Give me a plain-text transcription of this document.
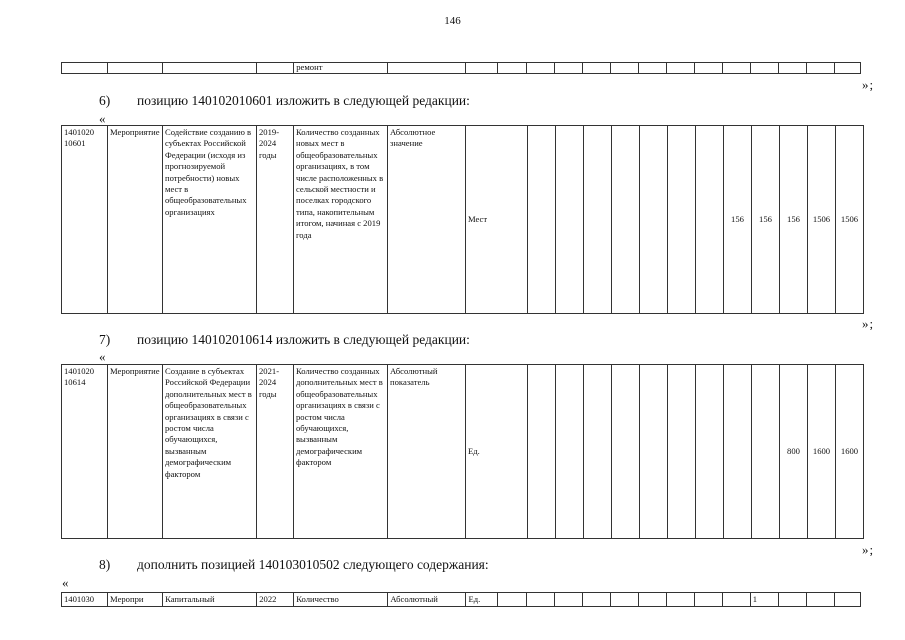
146
				ремонт															
»;
6) позицию 140102010601 изложить в следующей редакции:
«
1401020 10601	Мероприятие	Содействие созданию в субъектах Российской Федерации (исходя из прогнозируемой потребности) новых мест в общеобразовательных организациях	2019-2024 годы	Количество созданных новых мест в общеобразовательных организациях, в том числе расположенных в сельской местности и поселках городского типа, накопительным итогом, начиная с 2019 года	Абсолютное значение	Мест								156	156	156	1506	1506	
»;
7) позицию 140102010614 изложить в следующей редакции:
«
1401020 10614	Мероприятие	Создание в субъектах Российской Федерации дополнительных мест в общеобразовательных организациях в связи с ростом числа обучающихся, вызванным демографическим фактором	2021-2024 годы	Количество созданных дополнительных мест в общеобразовательных организациях в связи с ростом числа обучающихся, вызванным демографическим фактором	Абсолютный показатель	Ед.										800	1600	1600
»;
8) дополнить позицией 140103010502 следующего содержания:
«
1401030	Меропри	Капитальный	2022	Количество	Абсолютный	Ед.										1			
